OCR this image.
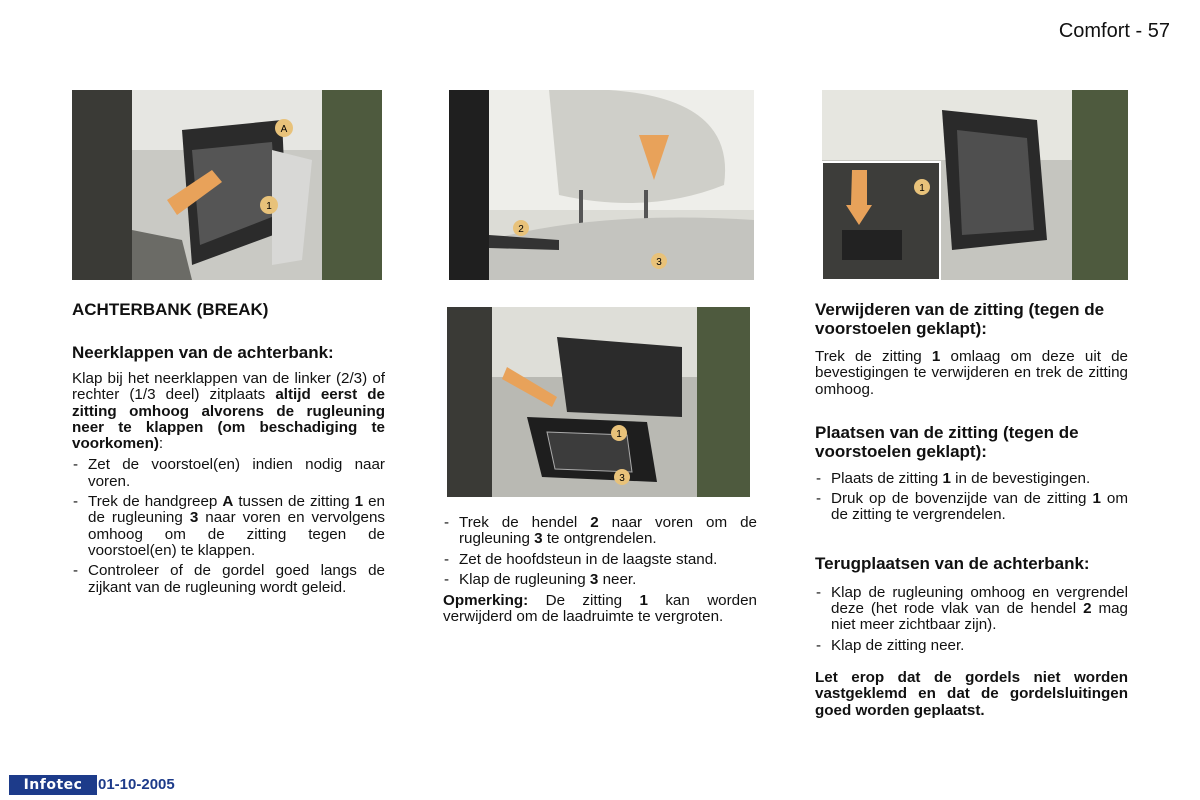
Comfort - 57
A
1
2
3
1
3
1
ACHTERBANK (BREAK)
Neerklappen van de achterbank:
Klap bij het neerklappen van de linker (2/3) of rechter (1/3 deel) zitplaats altijd eerst de zitting omhoog alvorens de rugleuning neer te klappen (om beschadiging te voorkomen):
- Zet de voorstoel(en) indien nodig naar voren.
- Trek de handgreep A tussen de zitting 1 en de rugleuning 3 naar voren en vervolgens omhoog om de zitting tegen de voorstoel(en) te klappen.
- Controleer of de gordel goed langs de zijkant van de rugleuning wordt geleid.
- Trek de hendel 2 naar voren om de rugleuning 3 te ontgrendelen.
- Zet de hoofdsteun in de laagste stand.
- Klap de rugleuning 3 neer.
Opmerking: De zitting 1 kan worden verwijderd om de laadruimte te vergroten.
Verwijderen van de zitting (tegen de voorstoelen geklapt):
Trek de zitting 1 omlaag om deze uit de bevestigingen te verwijderen en trek de zitting omhoog.
Plaatsen van de zitting (tegen de voorstoelen geklapt):
- Plaats de zitting 1 in de bevestigingen.
- Druk op de bovenzijde van de zitting 1 om de zitting te vergrendelen.
Terugplaatsen van de achterbank:
- Klap de rugleuning omhoog en vergrendel deze (het rode vlak van de hendel 2 mag niet meer zichtbaar zijn).
- Klap de zitting neer.
Let erop dat de gordels niet worden vastgeklemd en dat de gordelsluitingen goed worden geplaatst.
Infotec	01-10-2005
